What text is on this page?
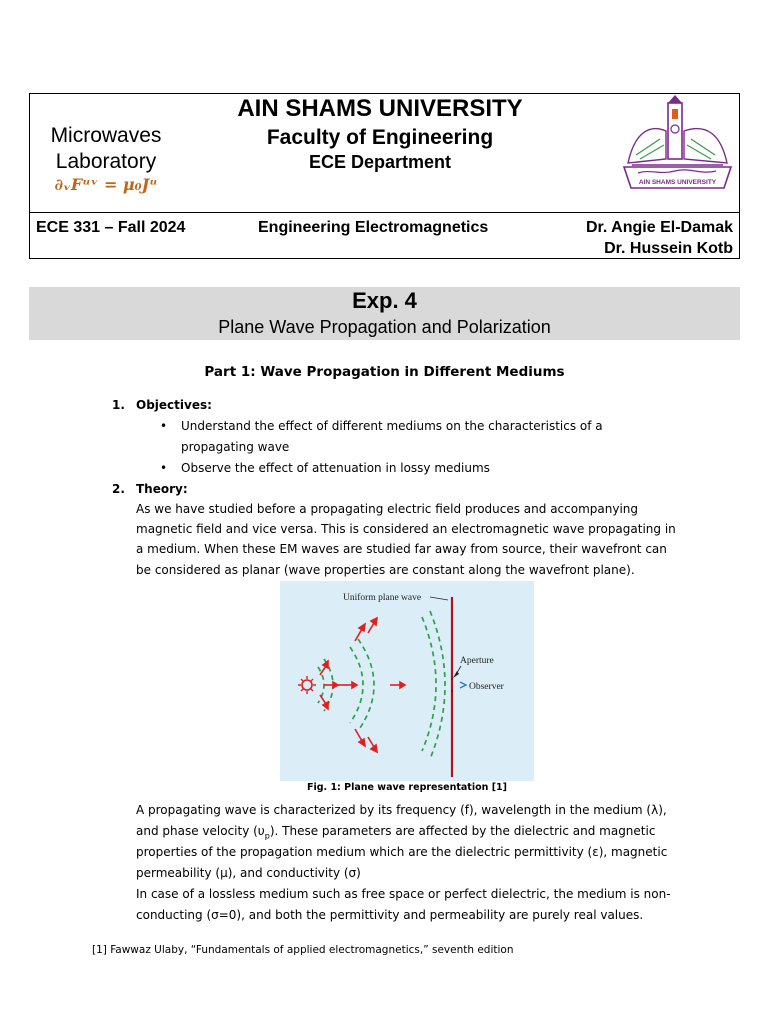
Microwaves
Laboratory
∂ᵥFᵘᵛ = μ₀Jᵘ
AIN SHAMS UNIVERSITY
Faculty of Engineering
ECE Department
ECE 331 – Fall 2024	Engineering Electromagnetics	Dr. Angie El-Damak
Dr. Hussein Kotb
AIN SHAMS UNIVERSITY
Exp. 4
Plane Wave Propagation and Polarization
Part 1: Wave Propagation in Different Mediums
1. Objectives:
• Understand the effect of different mediums on the characteristics of a
propagating wave
• Observe the effect of attenuation in lossy mediums
2. Theory:
As we have studied before a propagating electric field produces and accompanying
magnetic field and vice versa. This is considered an electromagnetic wave propagating in
a medium. When these EM waves are studied far away from source, their wavefront can
be considered as planar (wave properties are constant along the wavefront plane).
Uniform plane wave
Aperture
Observer
Fig. 1: Plane wave representation [1]
A propagating wave is characterized by its frequency (f), wavelength in the medium (λ),
and phase velocity $(\upsilon_p)$. These parameters are affected by the dielectric and magnetic
properties of the propagation medium which are the dielectric permittivity (ε), magnetic
permeability (μ), and conductivity (σ)
In case of a lossless medium such as free space or perfect dielectric, the medium is non-
conducting (σ=0), and both the permittivity and permeability are purely real values.
[1] Fawwaz Ulaby, “Fundamentals of applied electromagnetics,” seventh edition
